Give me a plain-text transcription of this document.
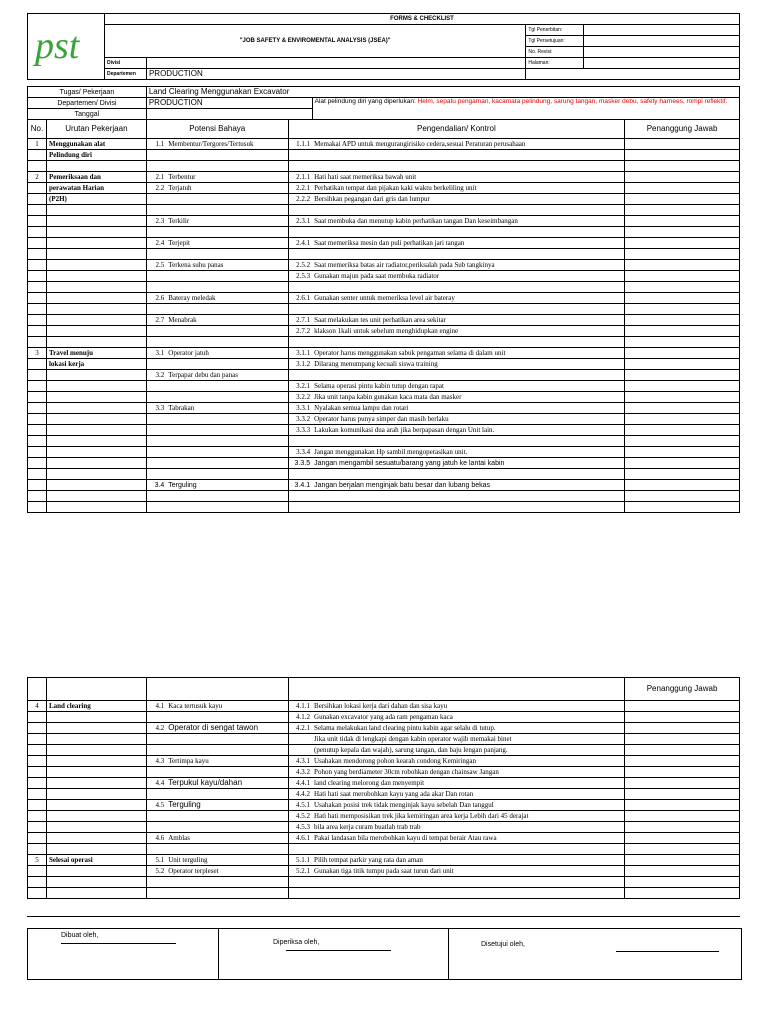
pst	FORMS & CHECKLIST			
	"JOB SAFETY & ENVIROMENTAL ANALYSIS (JSEA)"		Tgl Penerbitan:	
			Tgl Persetujuan:	
			No. Revisi:	
	Divisi		Halaman:	
	Departemen	PRODUCTION		
Tugas/ Pekerjaan		Land Clearing Menggunakan Excavator				
Departemen/ Divisi		PRODUCTION			Alat pelindung diri yang diperlukan: Helm, sepatu pengaman, kacamata pelindung, sarung tangan, masker debu, safety harnees, rompi reflektif.	
Tanggal						
No.	Urutan Pekerjaan	Potensi Bahaya		Pengendalian/ Kontrol		Penanggung Jawab
1	Menggunakan alat	1.1	Membentur/Tergores/Tertusuk	1.1.1	Memakai APD untuk mengurangirisiko cedera,sesuai Peraturan perusahaan	
	Pelindung diri					

2	Pemeriksaan dan	2.1	Terbentur	2.1.1	Hati hati saat memeriksa bawah unit	
	perawatan Harian	2.2	Terjatuh	2.2.1	Perhatikan tempat dan pijakan kaki waktu berkeliling unit	
	(P2H)			2.2.2	Bersihkan pegangan dari gris dan lumpur	

		2.3	Terkilir	2.3.1	Saat membuka dan menutup kabin perhatikan tangan Dan keseimbangan	

		2.4	Terjepit	2.4.1	Saat memeriksa mesin dan puli perhatikan jari tangan	

		2.5	Terkena suhu panas	2.5.2	Saat memeriksa batas air radiator,periksalah pada Sub tangkinya	
				2.5.3	Gunakan majun pada saat membuka radiator	

		2.6	Bateray meledak	2.6.1	Gunakan senter untuk memeriksa level air bateray	

		2.7	Menabrak	2.7.1	Saat melakukan tes unit perhatikan area sekitar	
				2.7.2	klakson 1kali untuk sebelum menghidupkan engine	

3	Travel menuju	3.1	Operator jatuh	3.1.1	Operator harus menggunakan sabuk pengaman selama di dalam unit	
	lokasi kerja			3.1.2	Dilarang menumpang kecuali siswa training	
		3.2	Terpapar debu dan panas			
				3.2.1	Selama operasi pintu kabin tutup dengan rapat	
				3.2.2	Jika unit tanpa kabin gunakan kaca mata dan masker	
		3.3	Tabrakan	3.3.1	Nyalakan semua lampu dan rotari	
				3.3.2	Operator harus punya simper dan masih berlaku	
				3.3.3	Lakukan komunikasi dua arah jika berpapasan dengan Unit lain.	

				3.3.4	Jangan menggunakan Hp sambil mengoperasikan unit.	
				3.3.5	Jangan mengambil sesuatu/barang yang jatuh ke lantai kabin	

		3.4	Terguling	3.4.1	Jangan berjalan menginjak batu besar dan lubang bekas	

						Penanggung Jawab
4	Land clearing	4.1	Kaca tertusuk kayu	4.1.1	Bersihkan lokasi kerja dari dahan dan sisa kayu	
				4.1.2	Gunakan excavator yang ada ram pengaman kaca	
		4.2	Operator di sengat tawon	4.2.1	Selama melakukan land clearing pintu kabin agar selalu di tutup.	
					Jika unit tidak di lengkapi dengan kabin operator wajib memakai binet	
					(penutup kepala dan wajah), sarung tangan, dan baju lengan panjang.	
		4.3	Tertimpa kayu	4.3.1	Usahakan mendorong pohon kearah condong Kemiringan	
				4.3.2	Pohon yang berdiameter 30cm robohkan dengan chainsaw Jangan	
		4.4	Terpukul kayu/dahan	4.4.1	land clearing melorong dan menyempit	
				4.4.2	Hati hati saat merobohkan kayu yang ada akar Dan rotan	
		4.5	Terguling	4.5.1	Usahakan posisi trek tidak menginjak kayu sebelah Dan tanggul	
				4.5.2	Hati hati memposisikan trek jika kemiringan area kerja Lebih dari 45 derajat	
				4.5.3	bila area kerja curam buatlah trab trab	
		4.6	Amblas	4.6.1	Pakai landasan bila merobohkan kayu di tempat berair Atau rawa	

5	Selesai operasi	5.1	Unit terguling	5.1.1	Pilih tempat parkir yang rata dan aman	
		5.2	Operator terpleset	5.2.1	Gunakan tiga titik tumpu pada saat turun dari unit	

Dibuat oleh,
Diperiksa oleh,	Disetujui oleh,
